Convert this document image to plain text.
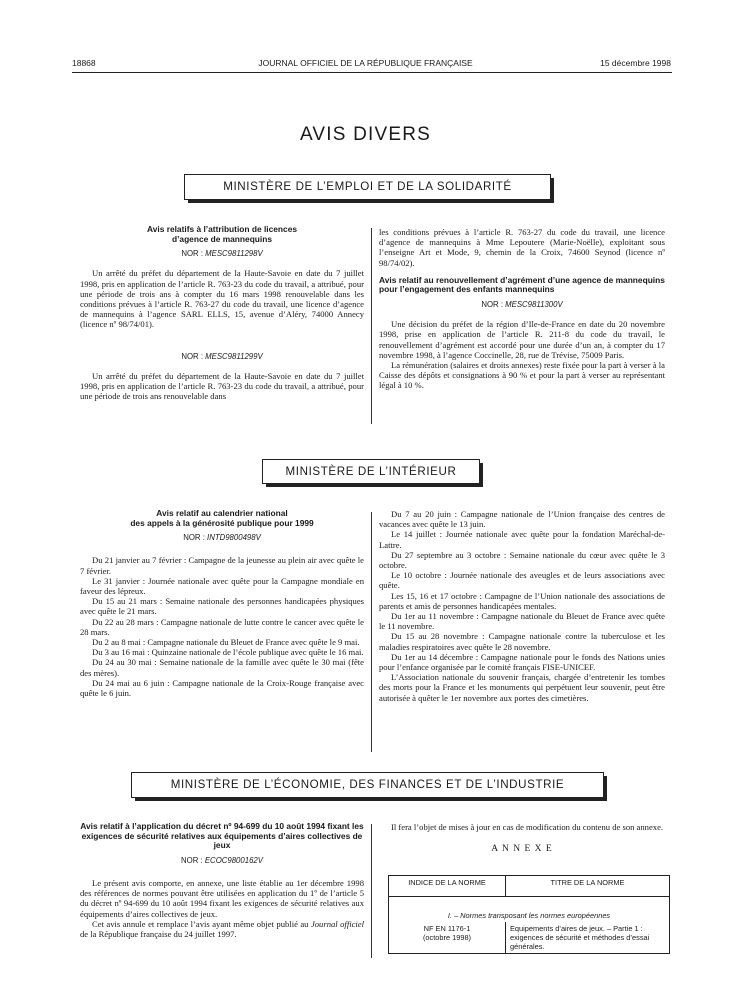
18868	JOURNAL OFFICIEL DE LA RÉPUBLIQUE FRANÇAISE	15 décembre 1998
AVIS DIVERS
MINISTÈRE DE L’EMPLOI ET DE LA SOLIDARITÉ
Avis relatifs à l’attribution de licences
d’agence de mannequins
NOR : MESC9811298V

Un arrêté du préfet du département de la Haute-Savoie en date du 7 juillet 1998, pris en application de l’article R. 763-23 du code du travail, a attribué, pour une période de trois ans à compter du 16 mars 1998 renouvelable dans les conditions prévues à l’article R. 763-27 du code du travail, une licence d’agence de mannequins à l’agence SARL ELLS, 15, avenue d’Aléry, 74000 Annecy (licence nº 98/74/01).

NOR : MESC9811299V

Un arrêté du préfet du département de la Haute-Savoie en date du 7 juillet 1998, pris en application de l’article R. 763-23 du code du travail, a attribué, pour une période de trois ans renouvelable dans

les conditions prévues à l’article R. 763-27 du code du travail, une licence d’agence de mannequins à Mme Lepoutere (Marie-Noëlle), exploitant sous l’enseigne Art et Mode, 9, chemin de la Croix, 74600 Seynod (licence nº 98/74/02).

Avis relatif au renouvellement d’agrément d’une agence de mannequins pour l’engagement des enfants mannequins
NOR : MESC9811300V

Une décision du préfet de la région d’Ile-de-France en date du 20 novembre 1998, prise en application de l’article R. 211-8 du code du travail, le renouvellement d’agrément est accordé pour une durée d’un an, à compter du 17 novembre 1998, à l’agence Coccinelle, 28, rue de Trévise, 75009 Paris.

La rémunération (salaires et droits annexes) reste fixée pour la part à verser à la Caisse des dépôts et consignations à 90 % et pour la part à verser au représentant légal à 10 %.

MINISTÈRE DE L’INTÉRIEUR
Avis relatif au calendrier national
des appels à la générosité publique pour 1999
NOR : INTD9800498V

Du 21 janvier au 7 février : Campagne de la jeunesse au plein air avec quête le 7 février.

Le 31 janvier : Journée nationale avec quête pour la Campagne mondiale en faveur des lépreux.

Du 15 au 21 mars : Semaine nationale des personnes handicapées physiques avec quête le 21 mars.

Du 22 au 28 mars : Campagne nationale de lutte contre le cancer avec quête le 28 mars.

Du 2 au 8 mai : Campagne nationale du Bleuet de France avec quête le 9 mai.

Du 3 au 16 mai : Quinzaine nationale de l’école publique avec quête le 16 mai.

Du 24 au 30 mai : Semaine nationale de la famille avec quête le 30 mai (fête des mères).

Du 24 mai au 6 juin : Campagne nationale de la Croix-Rouge française avec quête le 6 juin.

Du 7 au 20 juin : Campagne nationale de l’Union française des centres de vacances avec quête le 13 juin.

Le 14 juillet : Journée nationale avec quête pour la fondation Maréchal-de-Lattre.

Du 27 septembre au 3 octobre : Semaine nationale du cœur avec quête le 3 octobre.

Le 10 octobre : Journée nationale des aveugles et de leurs associations avec quête.

Les 15, 16 et 17 octobre : Campagne de l’Union nationale des associations de parents et amis de personnes handicapées mentales.

Du 1er au 11 novembre : Campagne nationale du Bleuet de France avec quête le 11 novembre.

Du 15 au 28 novembre : Campagne nationale contre la tuberculose et les maladies respiratoires avec quête le 28 novembre.

Du 1er au 14 décembre : Campagne nationale pour le fonds des Nations unies pour l’enfance organisée par le comité français FISE-UNICEF.

L’Association nationale du souvenir français, chargée d’entretenir les tombes des morts pour la France et les monuments qui perpétuent leur souvenir, peut être autorisée à quêter le 1er novembre aux portes des cimetières.

MINISTÈRE DE L’ÉCONOMIE, DES FINANCES ET DE L’INDUSTRIE
Avis relatif à l’application du décret nº 94-699 du 10 août 1994 fixant les exigences de sécurité relatives aux équipements d’aires collectives de jeux
NOR : ECOC9800162V

Le présent avis comporte, en annexe, une liste établie au 1er décembre 1998 des références de normes pouvant être utilisées en application du 1º de l’article 5 du décret nº 94-699 du 10 août 1994 fixant les exigences de sécurité relatives aux équipements d’aires collectives de jeux.

Cet avis annule et remplace l’avis ayant même objet publié au Journal officiel de la République française du 24 juillet 1997.

Il fera l’objet de mises à jour en cas de modification du contenu de son annexe.

A N N E X E
INDICE DE LA NORME	TITRE DE LA NORME
I. – Normes transposant les normes européennes	

NF EN 1176-1
(octobre 1998)	Equipements d’aires de jeux. – Partie 1 : exigences de sécurité et méthodes d’essai générales.
